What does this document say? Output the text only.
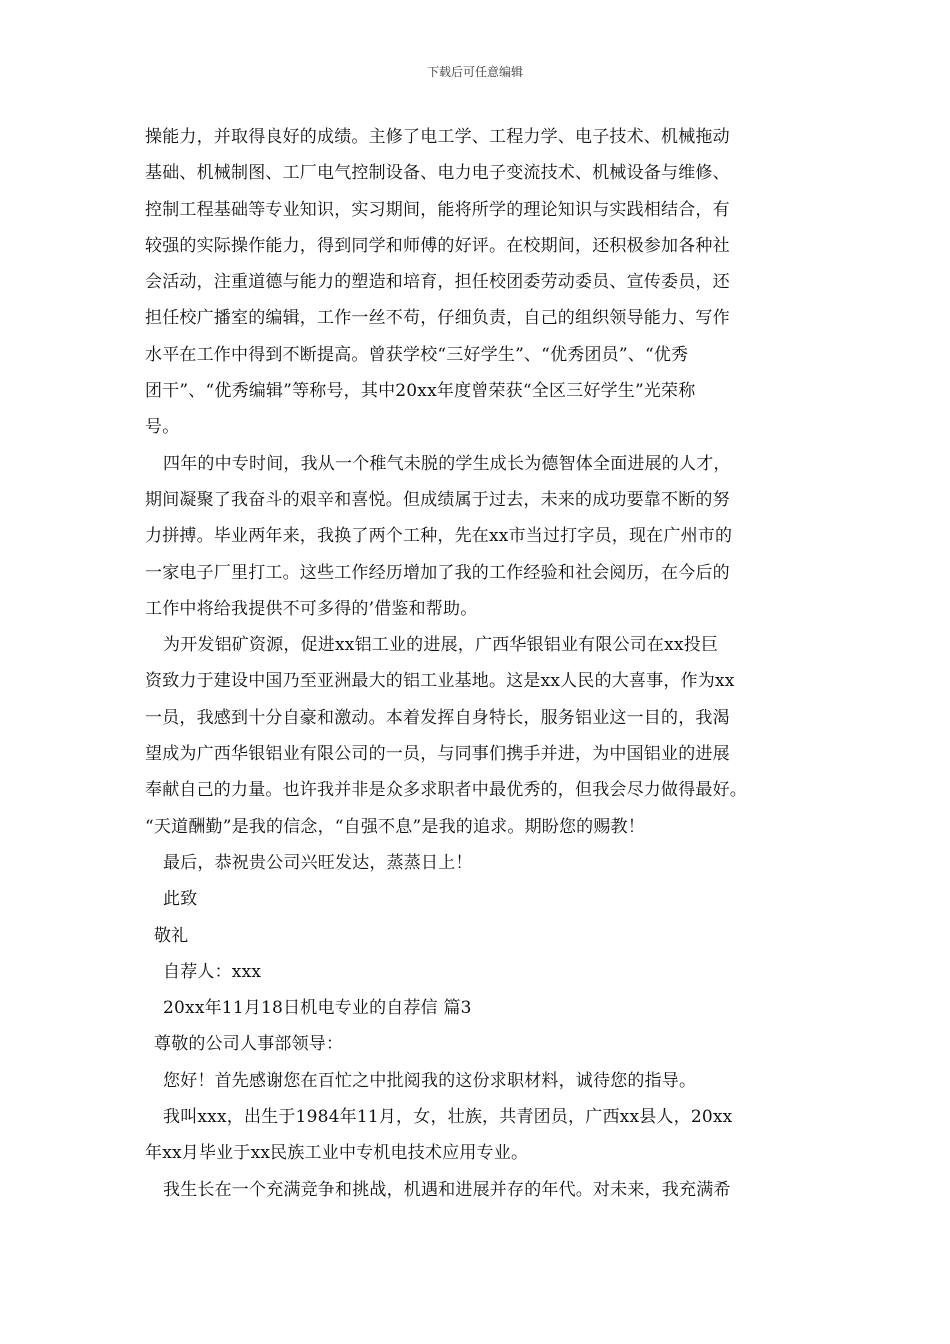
下载后可任意编辑
操能力，并取得良好的成绩。主修了电工学、工程力学、电子技术、机械拖动
基础、机械制图、工厂电气控制设备、电力电子变流技术、机械设备与维修、
控制工程基础等专业知识，实习期间，能将所学的理论知识与实践相结合，有
较强的实际操作能力，得到同学和师傅的好评。在校期间，还积极参加各种社
会活动，注重道德与能力的塑造和培育，担任校团委劳动委员、宣传委员，还
担任校广播室的编辑，工作一丝不苟，仔细负责，自己的组织领导能力、写作
水平在工作中得到不断提高。曾获学校“三好学生”、“优秀团员”、“优秀
团干”、“优秀编辑”等称号，其中20xx年度曾荣获“全区三好学生”光荣称
号。
四年的中专时间，我从一个稚气未脱的学生成长为德智体全面进展的人才，
期间凝聚了我奋斗的艰辛和喜悦。但成绩属于过去，未来的成功要靠不断的努
力拼搏。毕业两年来，我换了两个工种，先在xx市当过打字员，现在广州市的
一家电子厂里打工。这些工作经历增加了我的工作经验和社会阅历，在今后的
工作中将给我提供不可多得的’借鉴和帮助。
为开发铝矿资源，促进xx铝工业的进展，广西华银铝业有限公司在xx投巨
资致力于建设中国乃至亚洲最大的铝工业基地。这是xx人民的大喜事，作为xx
一员，我感到十分自豪和激动。本着发挥自身特长，服务铝业这一目的，我渴
望成为广西华银铝业有限公司的一员，与同事们携手并进，为中国铝业的进展
奉献自己的力量。也许我并非是众多求职者中最优秀的，但我会尽力做得最好。
“天道酬勤”是我的信念，“自强不息”是我的追求。期盼您的赐教！
最后，恭祝贵公司兴旺发达，蒸蒸日上！
此致
敬礼
自荐人：xxx
20xx年11月18日机电专业的自荐信 篇3
尊敬的公司人事部领导：
您好！首先感谢您在百忙之中批阅我的这份求职材料，诚待您的指导。
我叫xxx，出生于1984年11月，女，壮族，共青团员，广西xx县人，20xx
年xx月毕业于xx民族工业中专机电技术应用专业。
我生长在一个充满竞争和挑战，机遇和进展并存的年代。对未来，我充满希
